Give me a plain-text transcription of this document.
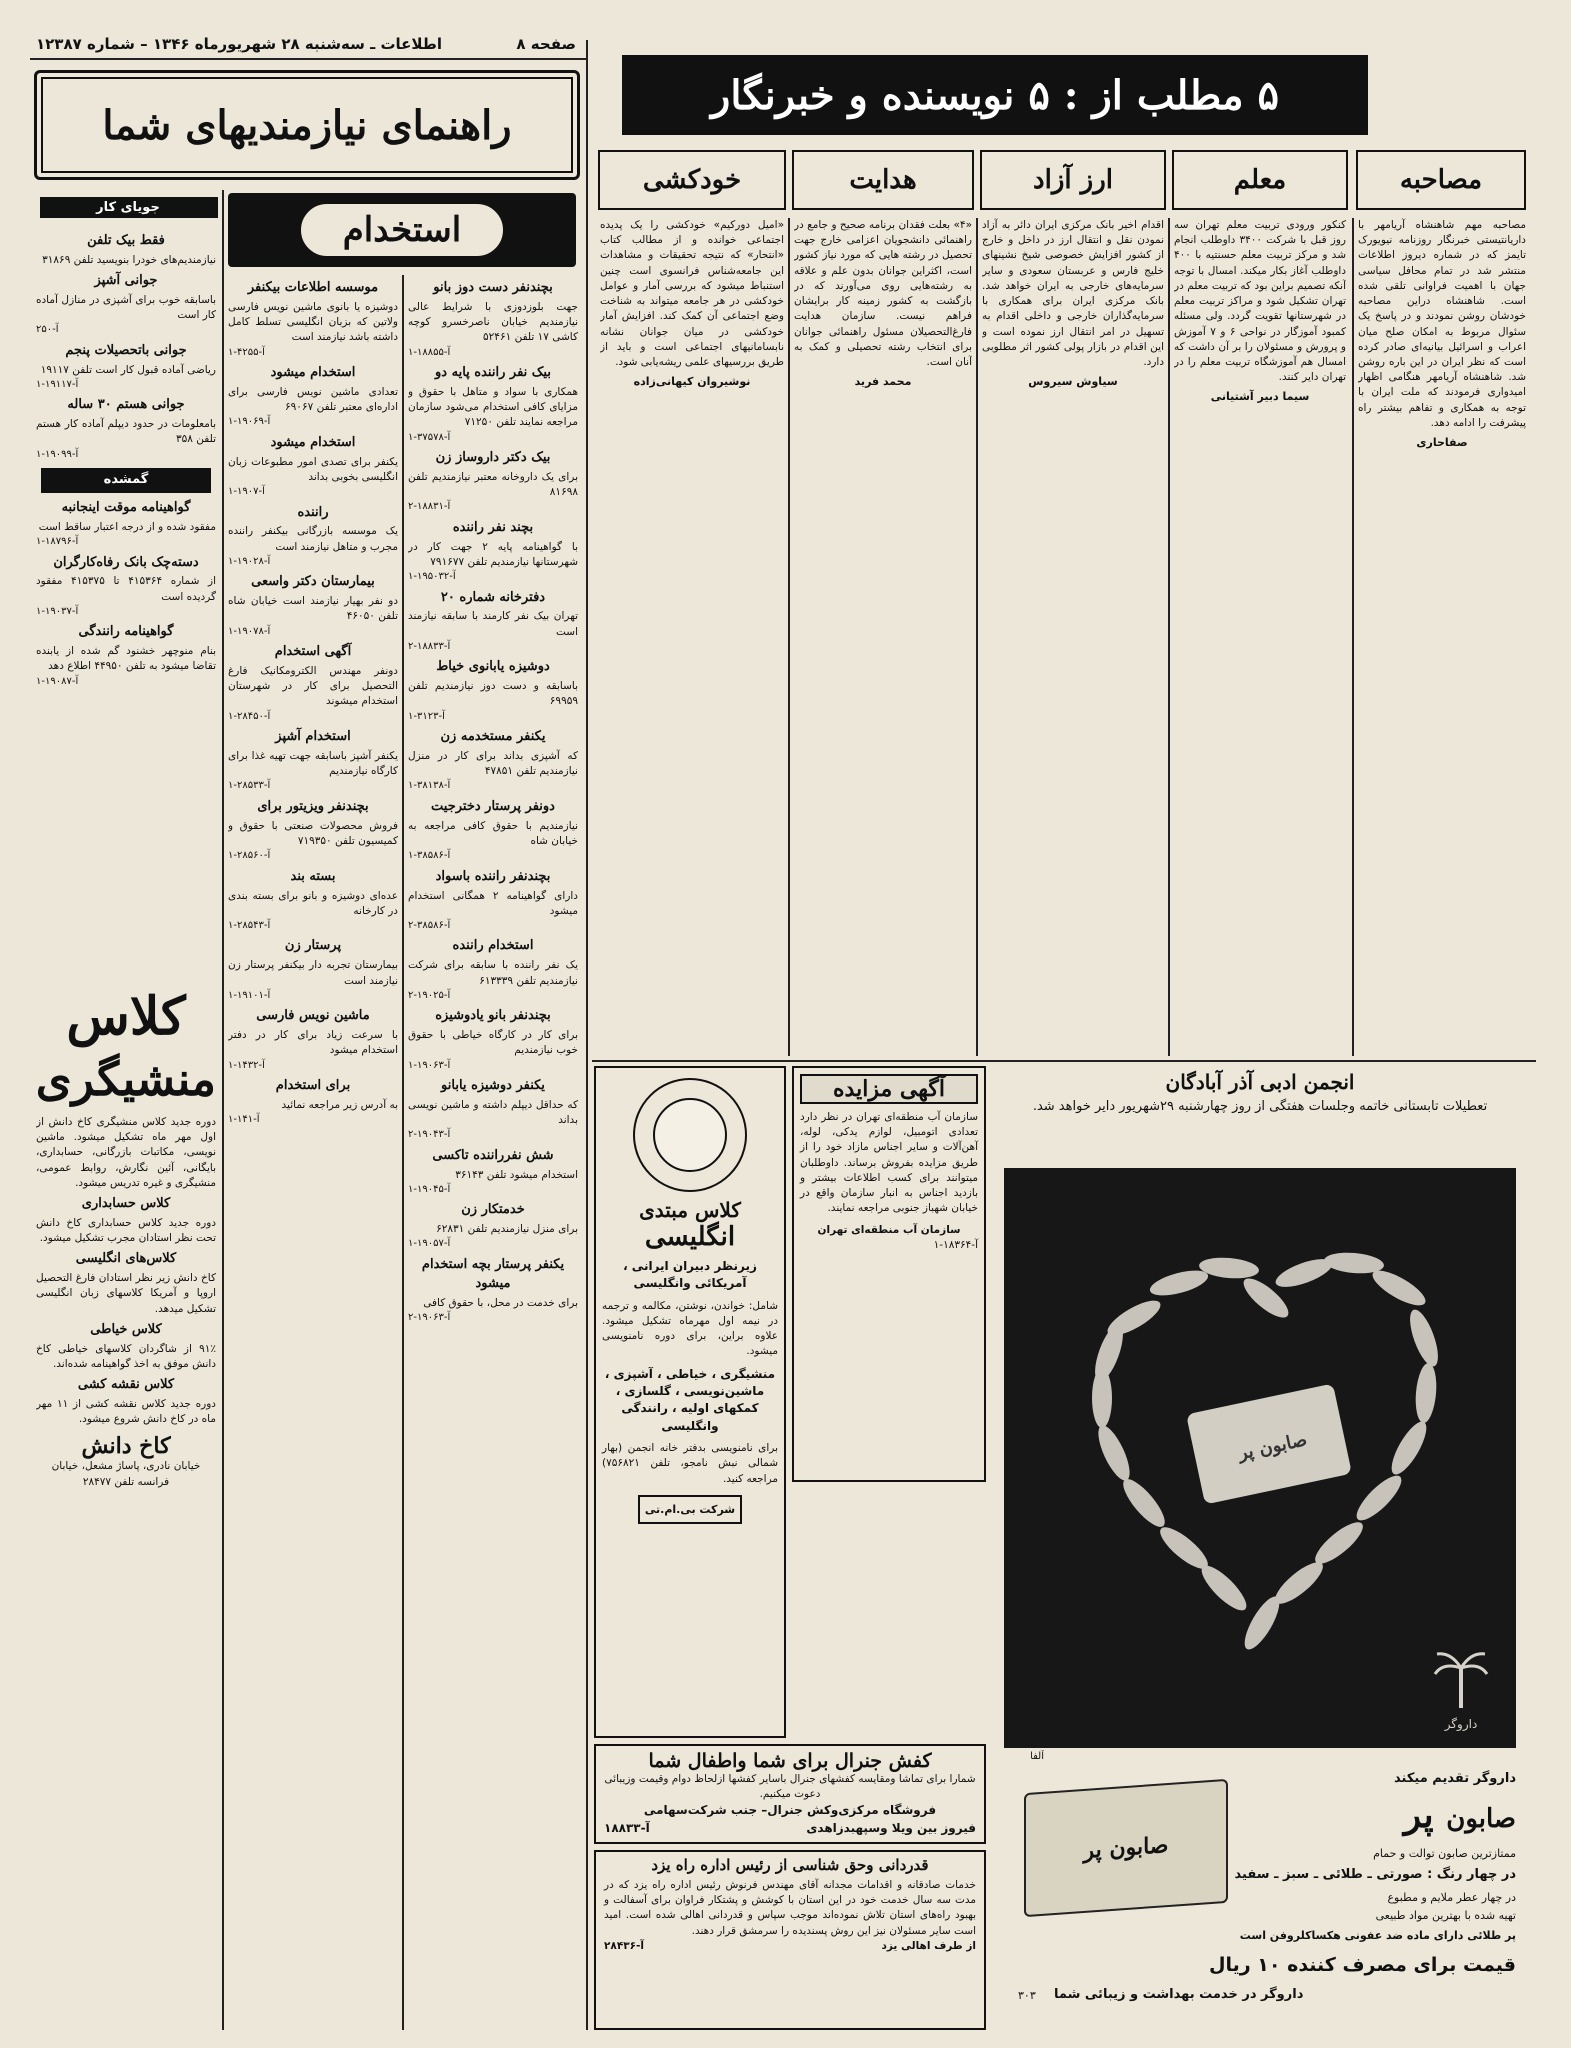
صفحه ۸
اطلاعات ـ سه‌شنبه ۲۸ شهریورماه ۱۳۴۶ – شماره ۱۲۳۸۷
۵ مطلب از : ۵ نویسنده و خبرنگار
مصاحبه
معلم
ارز آزاد
هدایت
خودکشی

مصاحبه مهم شاهنشاه آریامهر با داریانتیستی خبرنگار روزنامه نیویورک تایمز که در شماره دیروز اطلاعات منتشر شد در تمام محافل سیاسی جهان با اهمیت فراوانی تلقی شده است. شاهنشاه دراین مصاحبه خودشان روشن نمودند و در پاسخ یک سئوال مربوط به امکان صلح میان اعراب و اسرائیل بیانیه‌ای صادر کرده است که نظر ایران در این باره روشن شد. شاهنشاه آریامهر هنگامی اظهار امیدواری فرمودند که ملت ایران با توجه به همکاری و تفاهم بیشتر راه پیشرفت را ادامه دهد.

صفاحاری

کنکور ورودی تربیت معلم تهران سه روز قبل با شرکت ۳۴۰۰ داوطلب انجام شد و مرکز تربیت معلم حسنتیه با ۴۰۰ داوطلب آغاز بکار میکند. امسال با توجه آنکه تصمیم براین بود که تربیت معلم در تهران تشکیل شود و مراکز تربیت معلم در شهرستانها تقویت گردد. ولی مسئله کمبود آموزگار در نواحی ۶ و ۷ آموزش و پرورش و مسئولان را بر آن داشت که امسال هم آموزشگاه تربیت معلم را در تهران دایر کنند.

سیما دبیر آشتیانی

اقدام اخیر بانک مرکزی ایران دائر به آزاد نمودن نقل و انتقال ارز در داخل و خارج از کشور افزایش خصوصی شیخ نشینهای خلیج فارس و عربستان سعودی و سایر سرمایه‌های خارجی به ایران خواهد شد. بانک مرکزی ایران برای همکاری با سرمایه‌گذاران خارجی و داخلی اقدام به تسهیل در امر انتقال ارز نموده است و این اقدام در بازار پولی کشور اثر مطلوبی دارد.

سیاوش سیروس

«۴» بعلت فقدان برنامه صحیح و جامع در راهنمائی دانشجویان اعزامی خارج جهت تحصیل در رشته هایی که مورد نیاز کشور است، اکثراین جوانان بدون علم و علاقه به رشته‌هایی روی می‌آورند که در بازگشت به کشور زمینه کار برایشان فراهم نیست. سازمان هدایت فارغ‌التحصیلان مسئول راهنمائی جوانان برای انتخاب رشته تحصیلی و کمک به آنان است.

محمد فرید

«امیل دورکیم» خودکشی را یک پدیده اجتماعی خوانده و از مطالب کتاب «انتحار» که نتیجه تحقیقات و مشاهدات این جامعه‌شناس فرانسوی است چنین استنباط میشود که بررسی آمار و عوامل خودکشی در هر جامعه میتواند به شناخت وضع اجتماعی آن کمک کند. افزایش آمار خودکشی در میان جوانان نشانه نابسامانیهای اجتماعی است و باید از طریق بررسیهای علمی ریشه‌یابی شود.

نوشیروان کیهانی‌زاده
راهنمای نیازمندیهای شما
استخدام
جویای کار
بچندنفر دست دوز بانو
جهت بلوزدوزی با شرایط عالی نیازمندیم خیابان ناصرخسرو کوچه کاشی ۱۷ تلفن ۵۲۴۶۱
آ-۱۸۸۵۵-۱
بیک نفر راننده پایه دو
همکاری با سواد و متاهل با حقوق و مزایای کافی استخدام می‌شود سازمان مراجعه نمایند تلفن ۷۱۲۵۰
آ-۳۷۵۷۸-۱
بیک دکتر داروساز زن
برای یک داروخانه معتبر نیازمندیم تلفن ۸۱۶۹۸
آ-۱۸۸۳۱-۲
بچند نفر راننده
با گواهینامه پایه ۲ جهت کار در شهرستانها نیازمندیم تلفن ۷۹۱۶۷۷
آ-۱۹۵۰۳۲-۱
دفترخانه شماره ۲۰
تهران بیک نفر کارمند با سابقه نیازمند است
آ-۱۸۸۳۳-۲
دوشیزه یابانوی خیاط
باسابقه و دست دوز نیازمندیم تلفن ۶۹۹۵۹
آ-۳۱۲۳-۱
یکنفر مستخدمه زن
که آشپزی بداند برای کار در منزل نیازمندیم تلفن ۴۷۸۵۱
آ-۳۸۱۳۸-۱
دونفر پرستار دخترجیت
نیازمندیم با حقوق کافی مراجعه به خیابان شاه
آ-۳۸۵۸۶-۱
بچندنفر راننده باسواد
دارای گواهینامه ۲ همگانی استخدام میشود
آ-۳۸۵۸۶-۲
استخدام راننده
یک نفر راننده با سابقه برای شرکت نیازمندیم تلفن ۶۱۳۳۳۹
آ-۱۹۰۲۵-۲
بچندنفر بانو یادوشیزه
برای کار در کارگاه خیاطی با حقوق خوب نیازمندیم
آ-۱۹۰۶۳-۱
یکنفر دوشیزه یابانو
که حداقل دیپلم داشته و ماشین نویسی بداند
آ-۱۹۰۴۳-۲
شش نفرراننده تاکسی
استخدام میشود تلفن ۳۶۱۴۳
آ-۱۹۰۴۵-۱
خدمتکار زن
برای منزل نیازمندیم تلفن ۶۲۸۳۱
آ-۱۹۰۵۷-۱
یکنفر پرستار بچه استخدام میشود
برای خدمت در محل، با حقوق کافی
آ-۱۹۰۶۳-۲
موسسه اطلاعات بیکنفر
دوشیزه یا بانوی ماشین نویس فارسی ولاتین که بزبان انگلیسی تسلط کامل داشته باشد نیازمند است
آ-۴۲۵۵-۱
استخدام میشود
تعدادی ماشین نویس فارسی برای اداره‌ای معتبر تلفن ۶۹۰۶۷
آ-۱۹۰۶۹-۱
استخدام میشود
یکنفر برای تصدی امور مطبوعات زبان انگلیسی بخوبی بداند
آ-۱۹۰۷-۱
راننده
یک موسسه بازرگانی بیکنفر راننده مجرب و متاهل نیازمند است
آ-۱۹۰۲۸-۱
بیمارستان دکتر واسعی
دو نفر بهیار نیازمند است خیابان شاه تلفن ۴۶۰۵۰
آ-۱۹۰۷۸-۱
آگهی استخدام
دونفر مهندس الکترومکانیک فارغ التحصیل برای کار در شهرستان استخدام میشوند
آ-۲۸۴۵۰-۱
استخدام آشپز
یکنفر آشپز باسابقه جهت تهیه غذا برای کارگاه نیازمندیم
آ-۲۸۵۳۳-۱
بچندنفر ویزیتور برای
فروش محصولات صنعتی با حقوق و کمیسیون تلفن ۷۱۹۳۵۰
آ-۲۸۵۶۰-۱
بسته بند
عده‌ای دوشیزه و بانو برای بسته بندی در کارخانه
آ-۲۸۵۴۳-۱
پرستار زن
بیمارستان تجربه دار بیکنفر پرستار زن نیازمند است
آ-۱۹۱۰۱-۱
ماشین نویس فارسی
با سرعت زیاد برای کار در دفتر استخدام میشود
آ-۱۴۳۲-۱
برای استخدام
به آدرس زیر مراجعه نمائید
آ-۱۴۱-۱
فقط بیک تلفن
نیازمندیم‌های خودرا بنویسید تلفن ۳۱۸۶۹
جوانی آشپز
باسابقه خوب برای آشپزی در منازل آماده کار است
آ-۲۵۰
جوانی باتحصیلات پنجم
ریاضی آماده قبول کار است تلفن ۱۹۱۱۷
آ-۱۹۱۱۷-۱
جوانی هستم ۳۰ ساله
بامعلومات در حدود دیپلم آماده کار هستم تلفن ۳۵۸
آ-۱۹۰۹۹-۱
گمشده
گواهینامه موقت اینجانبه
مفقود شده و از درجه اعتبار ساقط است
آ-۱۸۷۹۶-۱
دسته‌چک بانک رفاه‌کارگران
از شماره ۴۱۵۳۶۴ تا ۴۱۵۳۷۵ مفقود گردیده است
آ-۱۹۰۳۷-۱
گواهینامه رانندگی
بنام منوچهر خشنود گم شده از یابنده تقاضا میشود به تلفن ۴۴۹۵۰ اطلاع دهد
آ-۱۹۰۸۷-۱
کلاس
منشیگری
دوره جدید کلاس منشیگری کاخ دانش از اول مهر ماه تشکیل میشود. ماشین نویسی، مکاتبات بازرگانی، حسابداری، بایگانی، آئین نگارش، روابط عمومی، منشیگری و غیره تدریس میشود.
کلاس حسابداری
دوره جدید کلاس حسابداری کاخ دانش تحت نظر استادان مجرب تشکیل میشود.
کلاس‌های انگلیسی
کاخ دانش زیر نظر استادان فارغ التحصیل اروپا و آمریکا کلاسهای زبان انگلیسی تشکیل میدهد.
کلاس خیاطی
۹۱٪ از شاگردان کلاسهای خیاطی کاخ دانش موفق به اخذ گواهینامه شده‌اند.
کلاس نقشه کشی
دوره جدید کلاس نقشه کشی از ۱۱ مهر ماه در کاخ دانش شروع میشود.
کاخ دانش
خیابان نادری، پاساژ مشعل، خیابان فرانسه تلفن ۲۸۴۷۷
کلاس مبتدی
انگلیسی
زیرنظر دبیران ایرانی ، آمریکائی وانگلیسی
شامل: خواندن، نوشتن، مکالمه و ترجمه در نیمه اول مهرماه تشکیل میشود. علاوه براین، برای دوره نامنویسی میشود.
منشیگری ، خیاطی ، آشپزی ، ماشین‌نویسی ، گلسازی ، کمکهای اولیه ، رانندگی وانگلیسی
برای نامنویسی بدفتر خانه انجمن (بهار شمالی نبش نامجو، تلفن ۷۵۶۸۲۱) مراجعه کنید.
شرکت بی.ام.تی
آگهی مزایده
سازمان آب منطقه‌ای تهران در نظر دارد تعدادی اتومبیل، لوازم یدکی، لوله، آهن‌آلات و سایر اجناس مازاد خود را از طریق مزایده بفروش برساند. داوطلبان میتوانند برای کسب اطلاعات بیشتر و بازدید اجناس به انبار سازمان واقع در خیابان شهباز جنوبی مراجعه نمایند.
سازمان آب منطقه‌ای تهران
آ-۱۸۳۶۴-۱
کفش جنرال برای شما واطفال شما
شمارا برای تماشا ومقایسه کفشهای جنرال باسایر کفشها ازلحاظ دوام وقیمت وزیبائی دعوت میکنیم.
فروشگاه مرکزی‌وکش جنرال– جنب شرکت‌سهامی
فیروز بین ویلا وسپهبدزاهدی
آ-۱۸۸۳۳
قدردانی وحق شناسی از رئیس اداره راه یزد
خدمات صادقانه و اقدامات مجدانه آقای مهندس فرنوش رئیس اداره راه یزد که در مدت سه سال خدمت خود در این استان با کوشش و پشتکار فراوان برای آسفالت و بهبود راه‌های استان تلاش نموده‌اند موجب سپاس و قدردانی اهالی شده است. امید است سایر مسئولان نیز این روش پسندیده را سرمشق قرار دهند.
از طرف اهالی یزد
آ-۲۸۴۳۶
انجمن ادبی آذر آبادگان
تعطیلات تابستانی خاتمه وجلسات هفتگی از روز چهارشنبه ۲۹شهریور دایر خواهد شد.
صابون پر
داروگر
آلفا
داروگر تقدیم میکند
صابون پر
ممتازترین صابون توالت و حمام
در چهار رنگ : صورتی ـ طلائی ـ سبز ـ سفید
در چهار عطر ملایم و مطبوع
تهیه شده با بهترین مواد طبیعی
پر طلائی دارای ماده ضد عفونی هکساکلروفن است
قیمت برای مصرف کننده ۱۰ ریال
داروگر در خدمت بهداشت و زیبائی شما
۳۰۳
صابون پر
